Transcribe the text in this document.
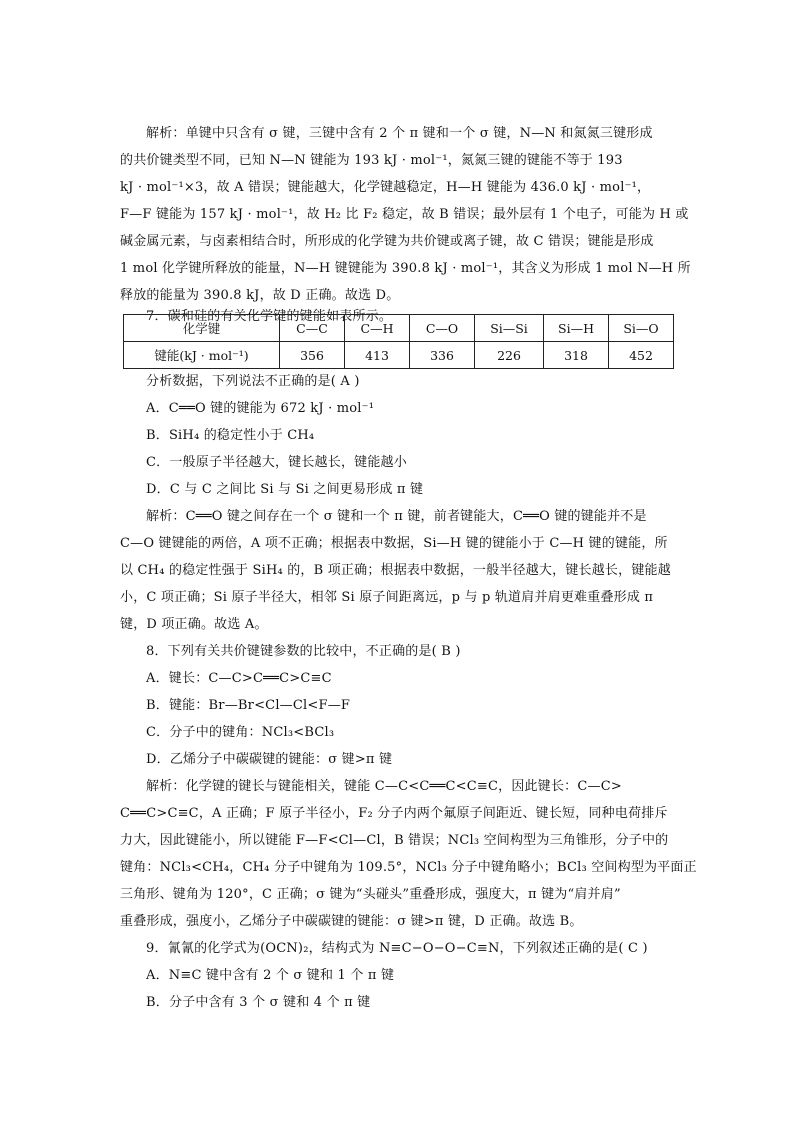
解析：单键中只含有 σ 键，三键中含有 2 个 π 键和一个 σ 键，N—N 和氮氮三键形成
的共价键类型不同，已知 N—N 键能为 193 kJ · mol⁻¹，氮氮三键的键能不等于 193
kJ · mol⁻¹×3，故 A 错误；键能越大，化学键越稳定，H—H 键能为 436.0 kJ · mol⁻¹，
F—F 键能为 157 kJ · mol⁻¹，故 H₂ 比 F₂ 稳定，故 B 错误；最外层有 1 个电子，可能为 H 或
碱金属元素，与卤素相结合时，所形成的化学键为共价键或离子键，故 C 错误；键能是形成
1 mol 化学键所释放的能量，N—H 键键能为 390.8 kJ · mol⁻¹，其含义为形成 1 mol N—H 所
释放的能量为 390.8 kJ，故 D 正确。故选 D。
7．碳和硅的有关化学键的键能如表所示。
化学键	C—C	C—H	C—O	Si—Si	Si—H	Si—O
键能(kJ · mol⁻¹)	356	413	336	226	318	452
分析数据，下列说法不正确的是( A )
A．C══O 键的键能为 672 kJ · mol⁻¹
B．SiH₄ 的稳定性小于 CH₄
C．一般原子半径越大，键长越长，键能越小
D．C 与 C 之间比 Si 与 Si 之间更易形成 π 键
解析：C══O 键之间存在一个 σ 键和一个 π 键，前者键能大，C══O 键的键能并不是
C—O 键键能的两倍，A 项不正确；根据表中数据，Si—H 键的键能小于 C—H 键的键能，所
以 CH₄ 的稳定性强于 SiH₄ 的，B 项正确；根据表中数据，一般半径越大，键长越长，键能越
小，C 项正确；Si 原子半径大，相邻 Si 原子间距离远，p 与 p 轨道肩并肩更难重叠形成 π
键，D 项正确。故选 A。
8．下列有关共价键键参数的比较中，不正确的是( B )
A．键长：C—C>C══C>C≡C
B．键能：Br—Br<Cl—Cl<F—F
C．分子中的键角：NCl₃<BCl₃
D．乙烯分子中碳碳键的键能：σ 键>π 键
解析：化学键的键长与键能相关，键能 C—C<C══C<C≡C，因此键长：C—C>
C══C>C≡C，A 正确；F 原子半径小，F₂ 分子内两个氟原子间距近、键长短，同种电荷排斥
力大，因此键能小，所以键能 F—F<Cl—Cl，B 错误；NCl₃ 空间构型为三角锥形，分子中的
键角：NCl₃<CH₄，CH₄ 分子中键角为 109.5°，NCl₃ 分子中键角略小；BCl₃ 空间构型为平面正
三角形、键角为 120°，C 正确；σ 键为“头碰头”重叠形成，强度大，π 键为“肩并肩”
重叠形成，强度小，乙烯分子中碳碳键的键能：σ 键>π 键，D 正确。故选 B。
9．氰氰的化学式为(OCN)₂，结构式为 N≡C−O−O−C≡N，下列叙述正确的是( C )
A．N≡C 键中含有 2 个 σ 键和 1 个 π 键
B．分子中含有 3 个 σ 键和 4 个 π 键
